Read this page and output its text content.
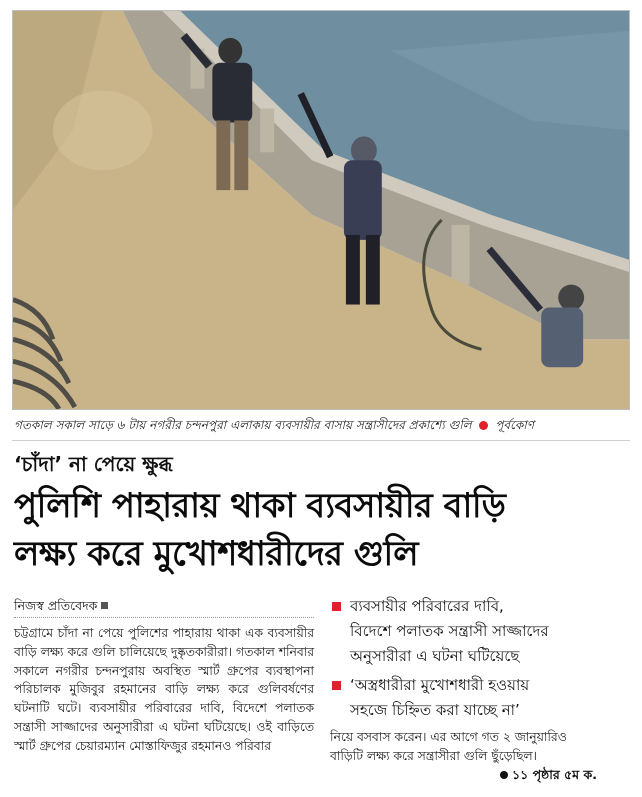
গতকাল সকাল সাড়ে ৬ টায় নগরীর চন্দনপুরা এলাকায় ব্যবসায়ীর বাসায় সন্ত্রাসীদের প্রকাশ্যে গুলি পূর্বকোণ
‘চাঁদা’ না পেয়ে ক্ষুব্ধ
পুলিশি পাহারায় থাকা ব্যবসায়ীর বাড়ি
লক্ষ্য করে মুখোশধারীদের গুলি
নিজস্ব প্রতিবেদক
চট্টগ্রামে চাঁদা না পেয়ে পুলিশের পাহারায় থাকা এক ব্যবসায়ীর বাড়ি লক্ষ্য করে গুলি চালিয়েছে দুষ্কৃতকারীরা। গতকাল শনিবার সকালে নগরীর চন্দনপুরায় অবস্থিত স্মার্ট গ্রুপের ব্যবস্থাপনা পরিচালক মুজিবুর রহমানের বাড়ি লক্ষ্য করে গুলিবর্ষণের ঘটনাটি ঘটে। ব্যবসায়ীর পরিবারের দাবি, বিদেশে পলাতক সন্ত্রাসী সাজ্জাদের অনুসারীরা এ ঘটনা ঘটিয়েছে। ওই বাড়িতে স্মার্ট গ্রুপের চেয়ারম্যান মোস্তাফিজুর রহমানও পরিবার
ব্যবসায়ীর পরিবারের দাবি,
বিদেশে পলাতক সন্ত্রাসী সাজ্জাদের
অনুসারীরা এ ঘটনা ঘটিয়েছে
‘অস্ত্রধারীরা মুখোশধারী হওয়ায়
সহজে চিহ্নিত করা যাচ্ছে না’
নিয়ে বসবাস করেন। এর আগে গত ২ জানুয়ারিও
বাড়িটি লক্ষ্য করে সন্ত্রাসীরা গুলি ছুঁড়েছিল।
১১ পৃষ্ঠার ৫ম ক.
